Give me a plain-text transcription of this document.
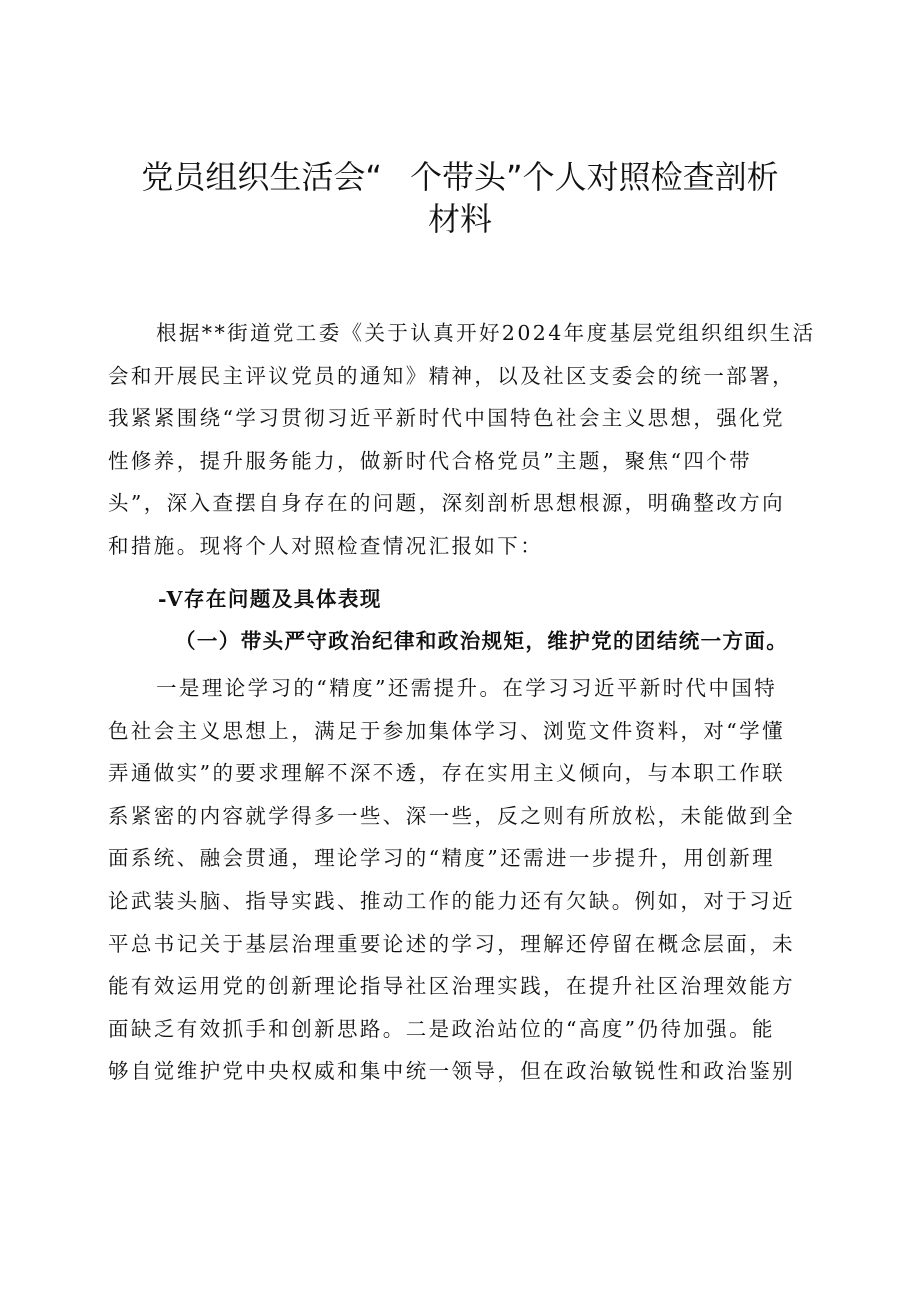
党员组织生活会“ 个带头”个人对照检查剖析
材料
根据**街道党工委《关于认真开好2024年度基层党组织组织生活
会和开展民主评议党员的通知》精神，以及社区支委会的统一部署，
我紧紧围绕“学习贯彻习近平新时代中国特色社会主义思想，强化党
性修养，提升服务能力，做新时代合格党员”主题，聚焦“四个带
头”，深入查摆自身存在的问题，深刻剖析思想根源，明确整改方向
和措施。现将个人对照检查情况汇报如下：
-V存在问题及具体表现
（一）带头严守政治纪律和政治规矩，维护党的团结统一方面。
一是理论学习的“精度”还需提升。在学习习近平新时代中国特
色社会主义思想上，满足于参加集体学习、浏览文件资料，对“学懂
弄通做实”的要求理解不深不透，存在实用主义倾向，与本职工作联
系紧密的内容就学得多一些、深一些，反之则有所放松，未能做到全
面系统、融会贯通，理论学习的“精度”还需进一步提升，用创新理
论武装头脑、指导实践、推动工作的能力还有欠缺。例如，对于习近
平总书记关于基层治理重要论述的学习，理解还停留在概念层面，未
能有效运用党的创新理论指导社区治理实践，在提升社区治理效能方
面缺乏有效抓手和创新思路。二是政治站位的“高度”仍待加强。能
够自觉维护党中央权威和集中统一领导，但在政治敏锐性和政治鉴别
